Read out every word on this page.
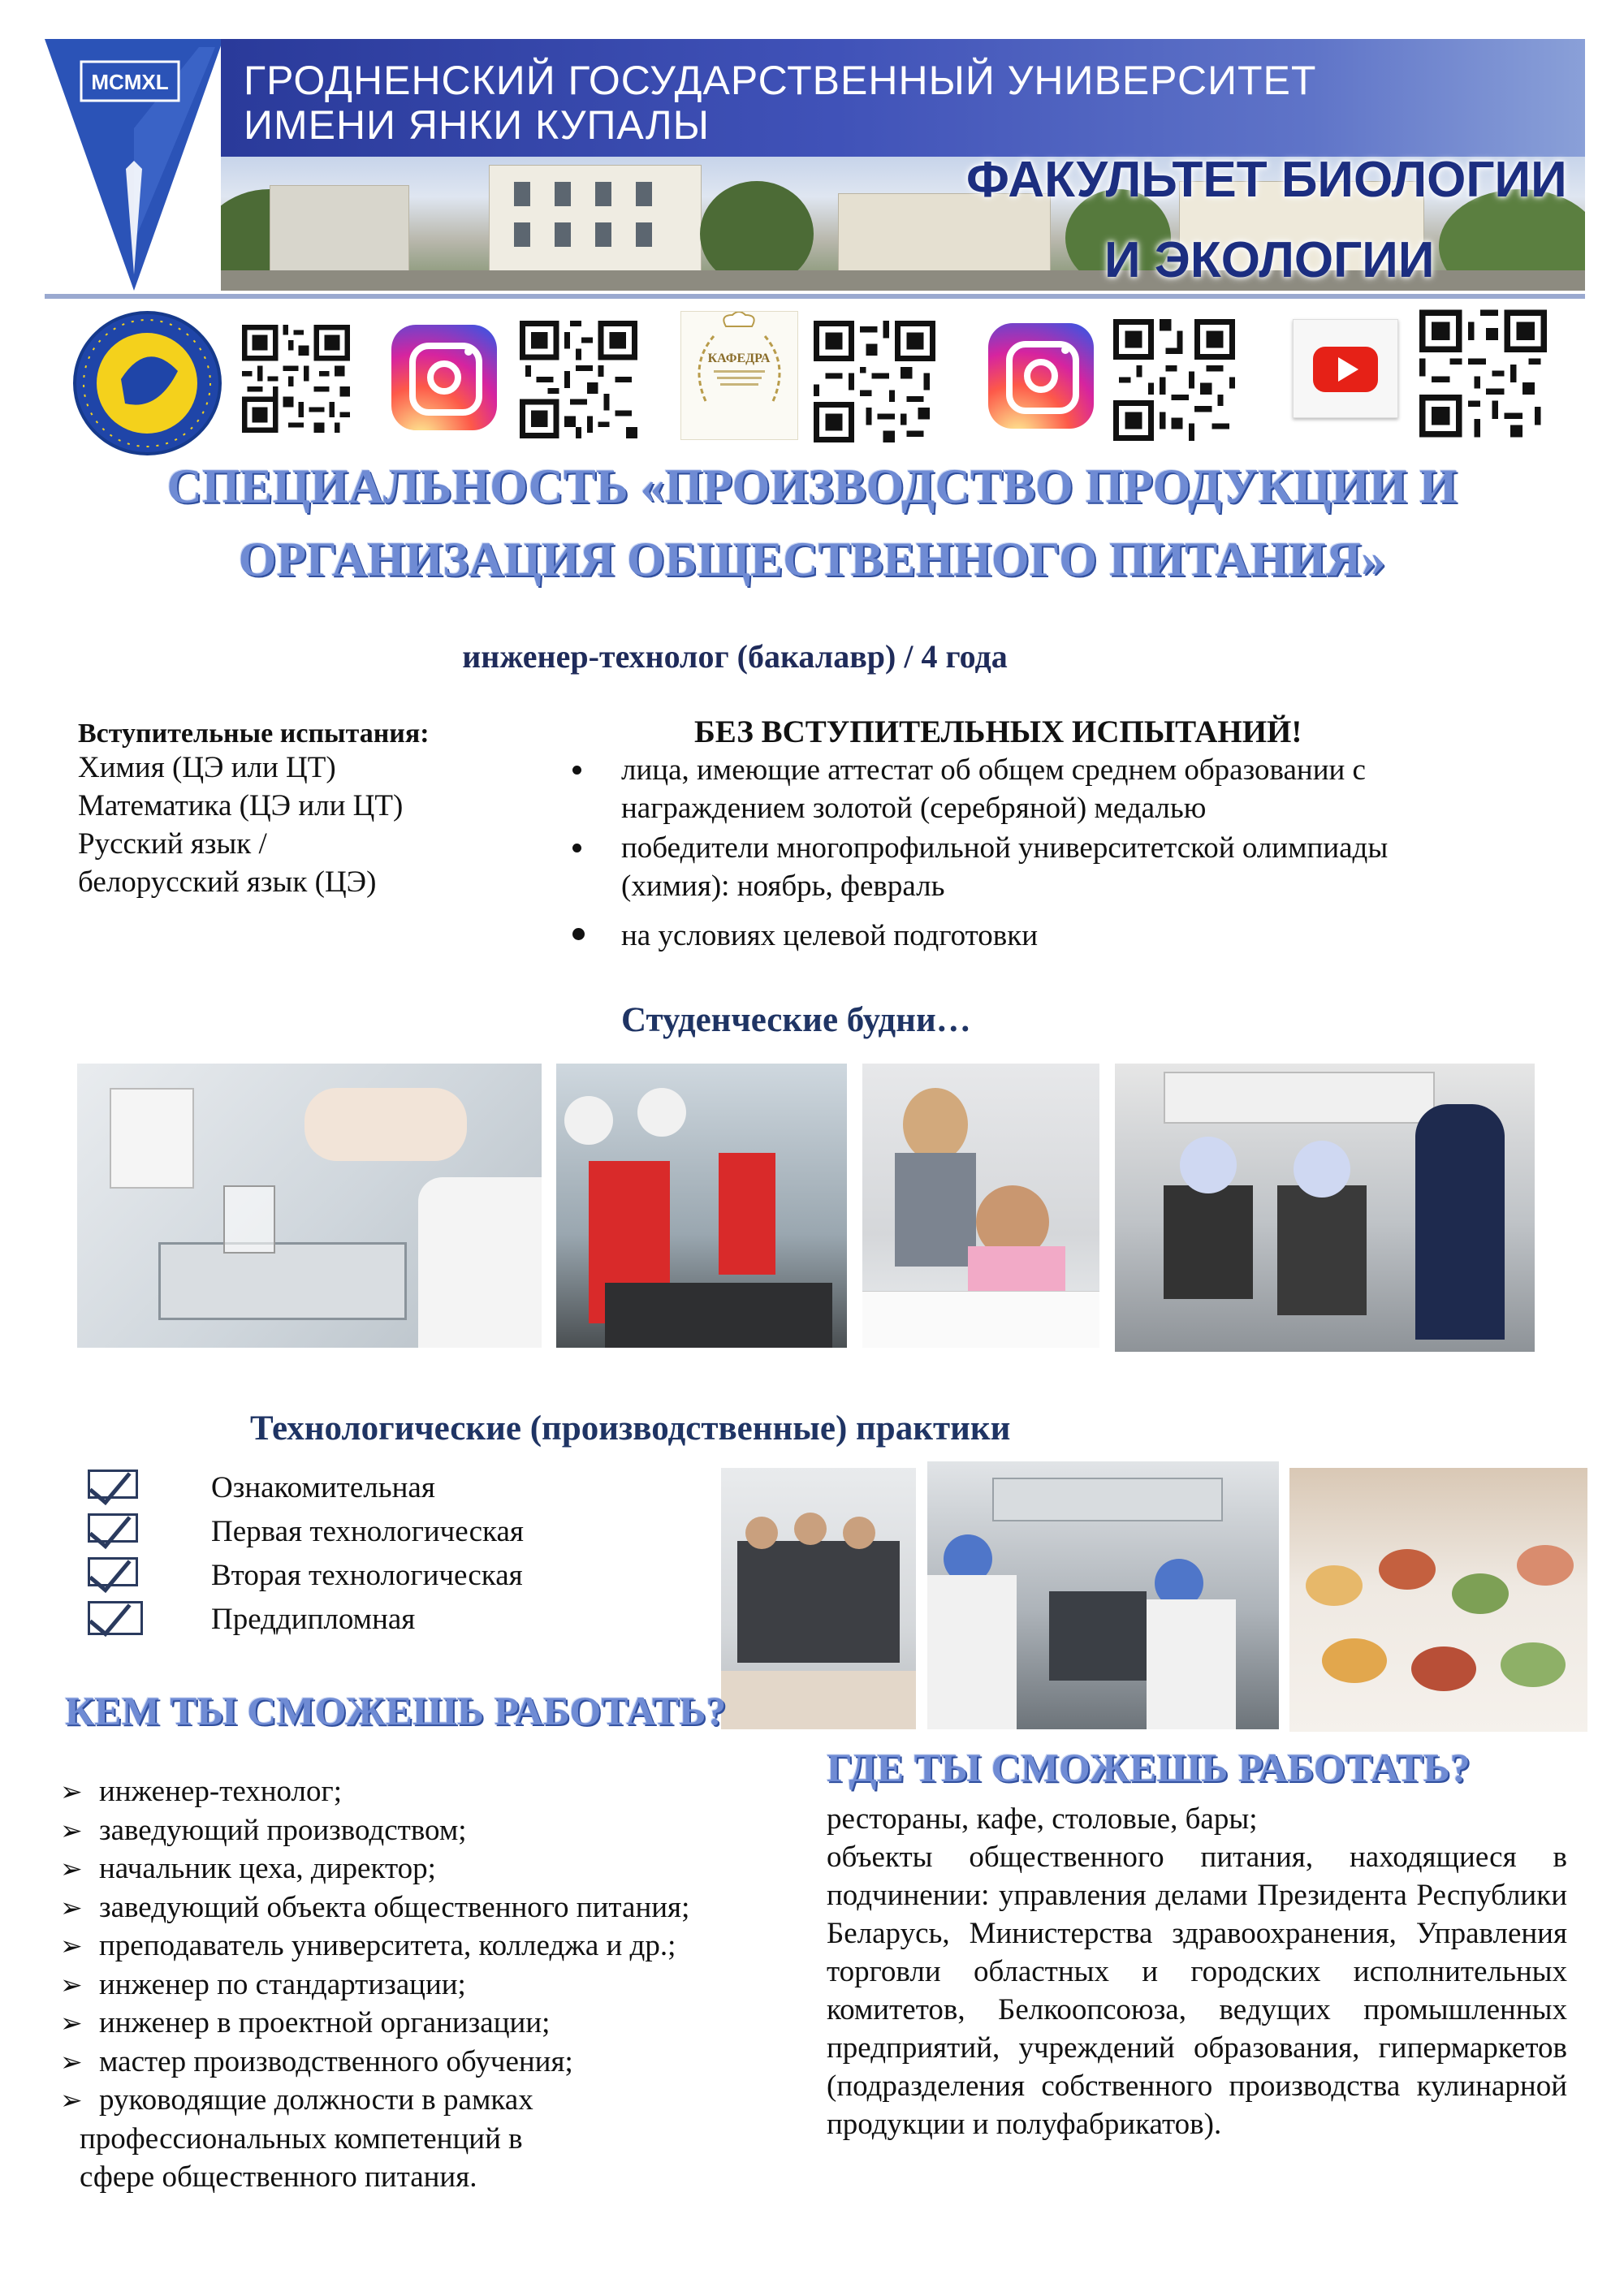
MCMXL ГРОДНЕНСКИЙ ГОСУДАРСТВЕННЫЙ УНИВЕРСИТЕТ
ИМЕНИ ЯНКИ КУПАЛЫ
ФАКУЛЬТЕТ БИОЛОГИИ
И ЭКОЛОГИИ
КАФЕДРА
СПЕЦИАЛЬНОСТЬ «ПРОИЗВОДСТВО ПРОДУКЦИИ И
ОРГАНИЗАЦИЯ ОБЩЕСТВЕННОГО ПИТАНИЯ»
инженер-технолог (бакалавр) / 4 года
Вступительные испытания:
Химия (ЦЭ или ЦТ)
Математика (ЦЭ или ЦТ)
Русский язык /
белорусский язык (ЦЭ)
БЕЗ ВСТУПИТЕЛЬНЫХ ИСПЫТАНИЙ!
лица, имеющие аттестат об общем среднем образовании с
награждением золотой (серебряной) медалью
победители многопрофильной университетской олимпиады
(химия): ноябрь, февраль
на условиях целевой подготовки
Студенческие будни…
Технологические (производственные) практики
Ознакомительная
Первая технологическая
Вторая технологическая
Преддипломная
КЕМ ТЫ СМОЖЕШЬ РАБОТАТЬ?
➢ инженер-технолог;
➢ заведующий производством;
➢ начальник цеха, директор;
➢ заведующий объекта общественного питания;
➢ преподаватель университета, колледжа и др.;
➢ инженер по стандартизации;
➢ инженер в проектной организации;
➢ мастер производственного обучения;
➢ руководящие должности в рамках
профессиональных компетенций в
сфере общественного питания.
ГДЕ ТЫ СМОЖЕШЬ РАБОТАТЬ?

рестораны, кафе, столовые, бары;

объекты общественного питания, находящиеся в подчинении: управления делами Президента Республики Беларусь, Министерства здравоохранения, Управления торговли областных и городских исполнительных комитетов, Белкоопсоюза, ведущих промышленных предприятий, учреждений образования, гипермаркетов (подразделения собственного производства кулинарной продукции и полуфабрикатов).
